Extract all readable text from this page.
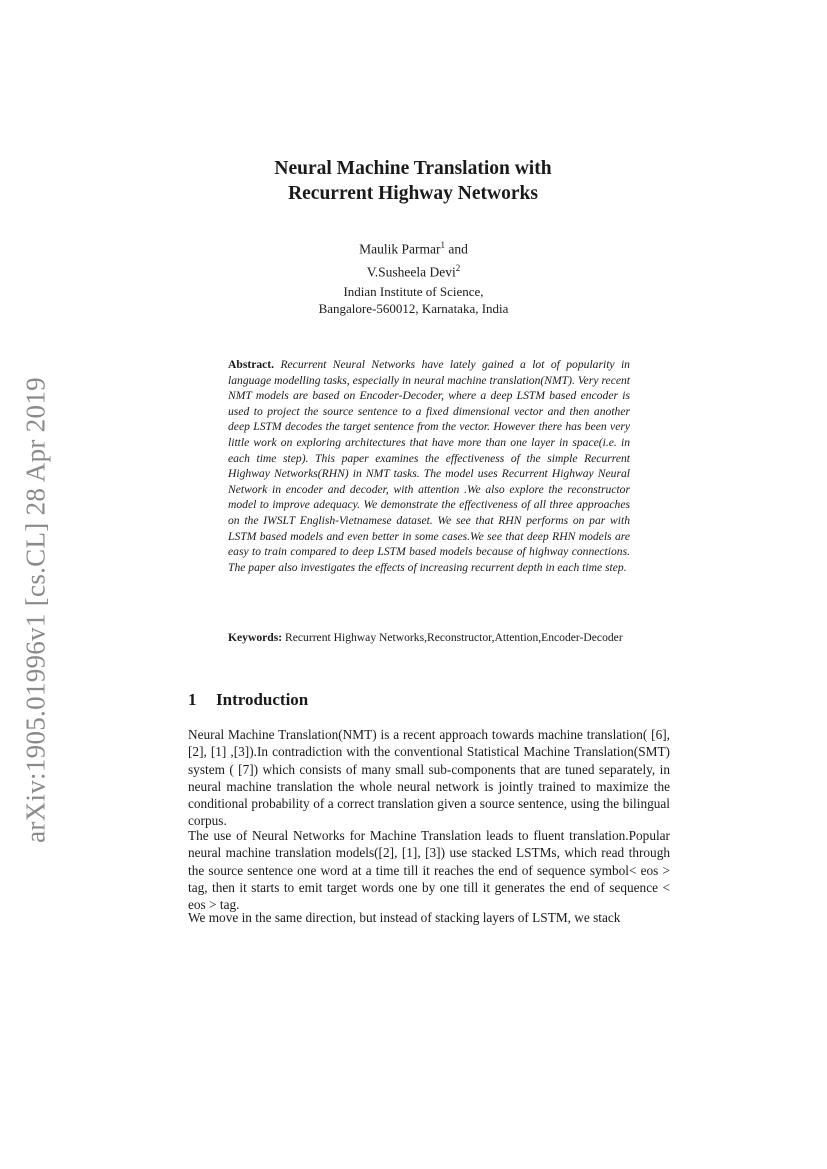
arXiv:1905.01996v1 [cs.CL] 28 Apr 2019
Neural Machine Translation with Recurrent Highway Networks
Maulik Parmar$^1$ and
V.Susheela Devi$^2$
Indian Institute of Science,
Bangalore-560012, Karnataka, India
Abstract. Recurrent Neural Networks have lately gained a lot of popularity in language modelling tasks, especially in neural machine translation(NMT). Very recent NMT models are based on Encoder-Decoder, where a deep LSTM based encoder is used to project the source sentence to a fixed dimensional vector and then another deep LSTM decodes the target sentence from the vector. However there has been very little work on exploring architectures that have more than one layer in space(i.e. in each time step). This paper examines the effectiveness of the simple Recurrent Highway Networks(RHN) in NMT tasks. The model uses Recurrent Highway Neural Network in encoder and decoder, with attention .We also explore the reconstructor model to improve adequacy. We demonstrate the effectiveness of all three approaches on the IWSLT English-Vietnamese dataset. We see that RHN performs on par with LSTM based models and even better in some cases.We see that deep RHN models are easy to train compared to deep LSTM based models because of highway connections. The paper also investigates the effects of increasing recurrent depth in each time step.
Keywords: Recurrent Highway Networks,Reconstructor,Attention,Encoder-Decoder
1 Introduction

Neural Machine Translation(NMT) is a recent approach towards machine translation( [6], [2], [1] ,[3]).In contradiction with the conventional Statistical Machine Translation(SMT) system ( [7]) which consists of many small sub-components that are tuned separately, in neural machine translation the whole neural network is jointly trained to maximize the conditional probability of a correct translation given a source sentence, using the bilingual corpus.

The use of Neural Networks for Machine Translation leads to fluent translation.Popular neural machine translation models([2], [1], [3]) use stacked LSTMs, which read through the source sentence one word at a time till it reaches the end of sequence symbol< eos > tag, then it starts to emit target words one by one till it generates the end of sequence < eos > tag.

We move in the same direction, but instead of stacking layers of LSTM, we stack
